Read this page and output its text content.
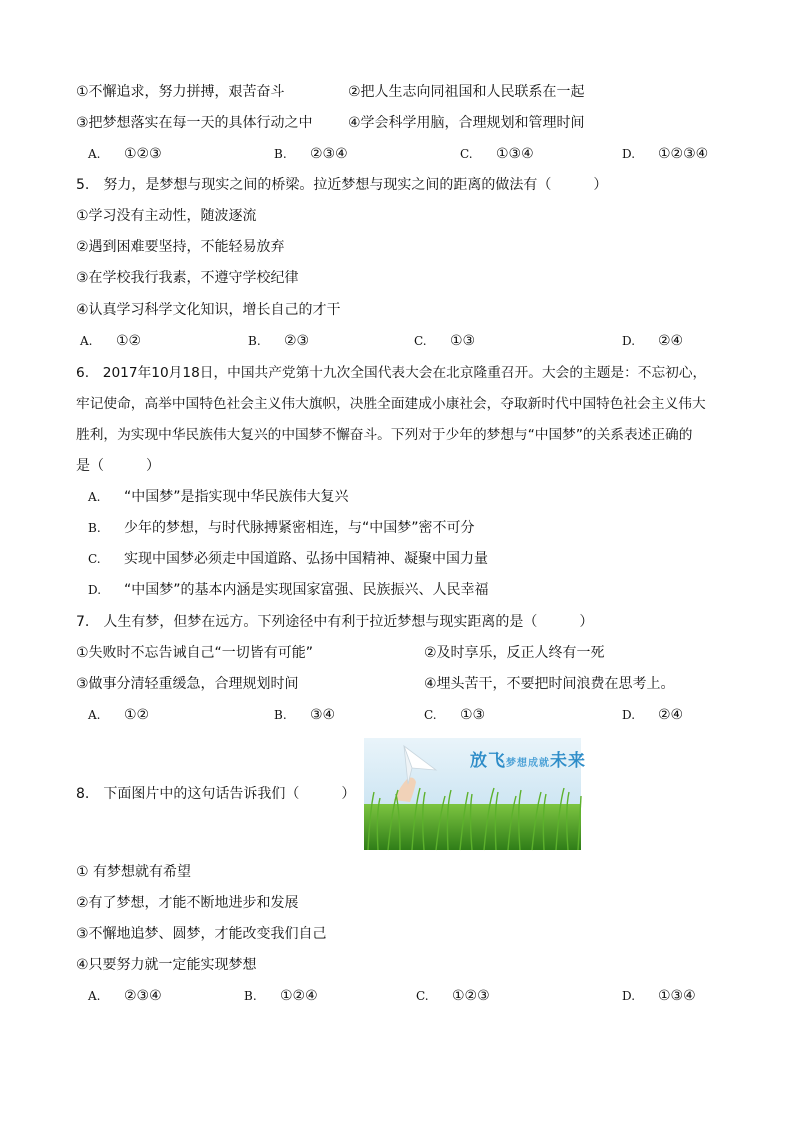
①不懈追求，努力拼搏，艰苦奋斗	②把人生志向同祖国和人民联系在一起
③把梦想落实在每一天的具体行动之中	④学会科学用脑，合理规划和管理时间
A. ①②③	B. ②③④	C. ①③④	D. ①②③④
5.　努力，是梦想与现实之间的桥梁。拉近梦想与现实之间的距离的做法有（　　　）
①学习没有主动性，随波逐流
②遇到困难要坚持，不能轻易放弃
③在学校我行我素，不遵守学校纪律
④认真学习科学文化知识，增长自己的才干
A. ①②	B. ②③	C. ①③	D. ②④
6.　2017年10月18日，中国共产党第十九次全国代表大会在北京隆重召开。大会的主题是：不忘初心，
牢记使命，高举中国特色社会主义伟大旗帜，决胜全面建成小康社会，夺取新时代中国特色社会主义伟大
胜利，为实现中华民族伟大复兴的中国梦不懈奋斗。下列对于少年的梦想与“中国梦”的关系表述正确的
是（　　　）
A. “中国梦”是指实现中华民族伟大复兴
B. 少年的梦想，与时代脉搏紧密相连，与“中国梦”密不可分
C. 实现中国梦必须走中国道路、弘扬中国精神、凝聚中国力量
D. “中国梦”的基本内涵是实现国家富强、民族振兴、人民幸福
7.　人生有梦，但梦在远方。下列途径中有利于拉近梦想与现实距离的是（　　　）
①失败时不忘告诫自己“一切皆有可能”	②及时享乐，反正人终有一死
③做事分清轻重缓急，合理规划时间	④埋头苦干，不要把时间浪费在思考上。
A. ①②	B. ③④	C. ①③	D. ②④
8.　下面图片中的这句话告诉我们（　　　）
放飞梦想成就未来
① 有梦想就有希望
②有了梦想，才能不断地进步和发展
③不懈地追梦、圆梦，才能改变我们自己
④只要努力就一定能实现梦想
A. ②③④	B. ①②④	C. ①②③	D. ①③④
